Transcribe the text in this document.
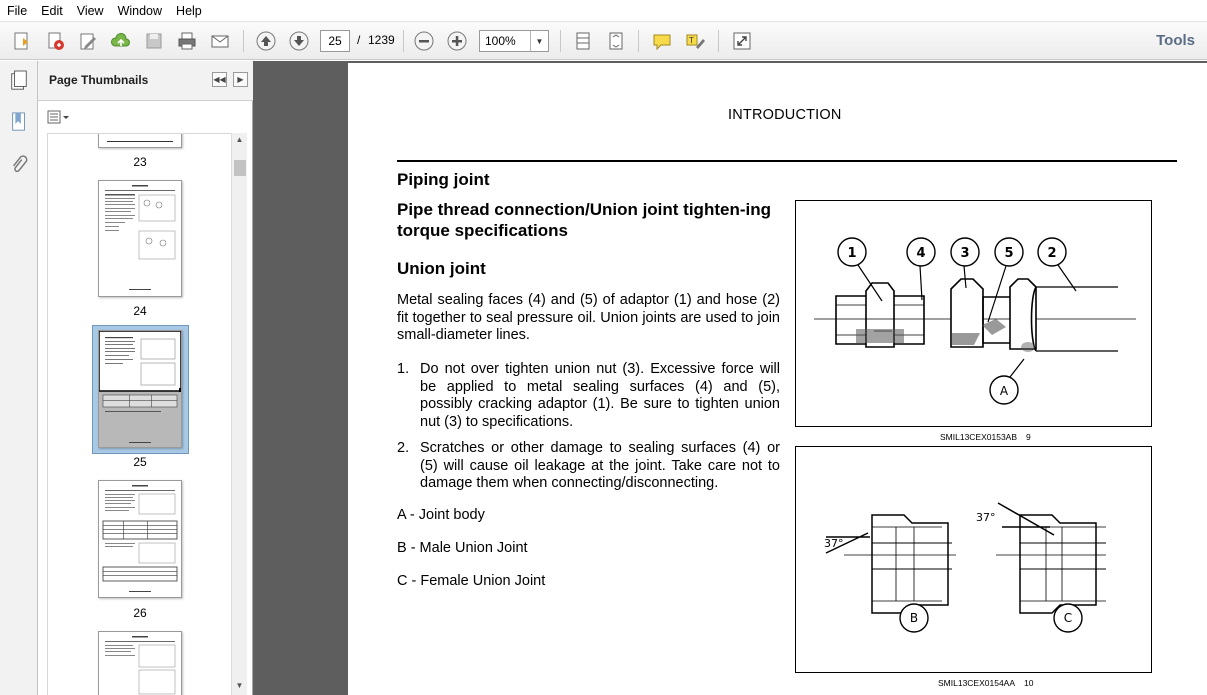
File	Edit	View	Window	Help
25	/ 1239	100%	▼	T	Tools
Page Thumbnails	◀◀	▶
23
24
25
26
▲
▼
INTRODUCTION
Piping joint
Pipe thread connection/Union joint tighten-ing torque specifications
Union joint
Metal sealing faces (4) and (5) of adaptor (1) and hose (2) fit together to seal pressure oil. Union joints are used to join small-diameter lines.
1. Do not over tighten union nut (3). Excessive force will be applied to metal sealing surfaces (4) and (5), possibly cracking adaptor (1). Be sure to tighten union nut (3) to specifications.
2. Scratches or other damage to sealing surfaces (4) or (5) will cause oil leakage at the joint. Take care not to damage them when connecting/disconnecting.
A - Joint body
B - Male Union Joint
C - Female Union Joint
1	4	3	5	2
A
SMIL13CEX0153AB 9
B	C
37°
37°
SMIL13CEX0154AA 10
